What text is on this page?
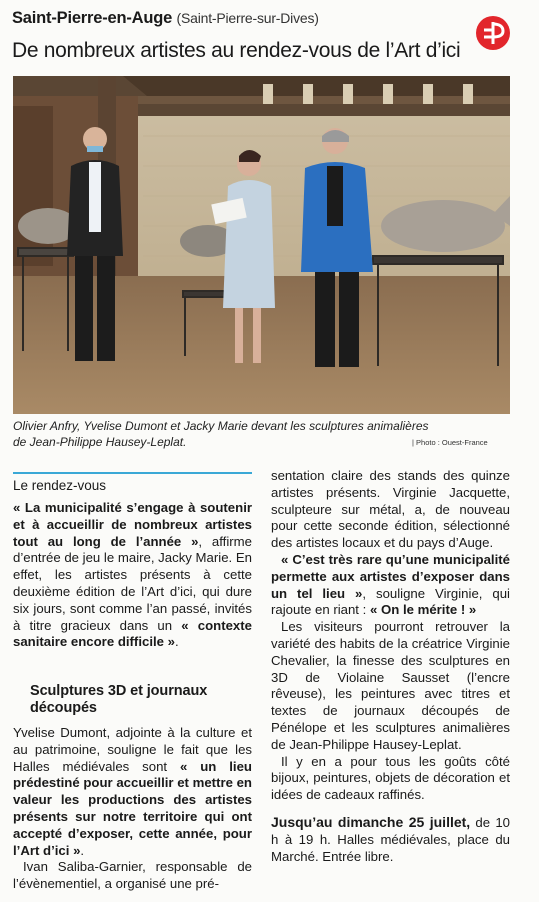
Saint-Pierre-en-Auge (Saint-Pierre-sur-Dives)
De nombreux artistes au rendez-vous de l’Art d’ici
Olivier Anfry, Yvelise Dumont et Jacky Marie devant les sculptures animalières
de Jean-Philippe Hausey-Leplat.	| Photo : Ouest-France
Le rendez-vous

« La municipalité s’engage à soutenir et à accueillir de nombreux artistes tout au long de l’année », affirme d’entrée de jeu le maire, Jacky Marie. En effet, les artistes présents à cette deuxième édition de l’Art d’ici, qui dure six jours, sont comme l’an passé, invités à titre gracieux dans un « contexte sanitaire encore difficile ».

Sculptures 3D et journaux découpés

Yvelise Dumont, adjointe à la culture et au patrimoine, souligne le fait que les Halles médiévales sont « un lieu prédestiné pour accueillir et mettre en valeur les productions des artistes présents sur notre territoire qui ont accepté d’exposer, cette année, pour l’Art d’ici ».

Ivan Saliba-Garnier, responsable de l’évènementiel, a organisé une pré-

sentation claire des stands des quinze artistes présents. Virginie Jacquette, sculpteure sur métal, a, de nouveau pour cette seconde édition, sélectionné des artistes locaux et du pays d’Auge.

« C’est très rare qu’une municipalité permette aux artistes d’exposer dans un tel lieu », souligne Virginie, qui rajoute en riant : « On le mérite ! »

Les visiteurs pourront retrouver la variété des habits de la créatrice Virginie Chevalier, la finesse des sculptures en 3D de Violaine Sausset (l’encre rêveuse), les peintures avec titres et textes de journaux découpés de Pénélope et les sculptures animalières de Jean-Philippe Hausey-Leplat.

Il y en a pour tous les goûts côté bijoux, peintures, objets de décoration et idées de cadeaux raffinés.

Jusqu’au dimanche 25 juillet, de 10 h à 19 h. Halles médiévales, place du Marché. Entrée libre.
